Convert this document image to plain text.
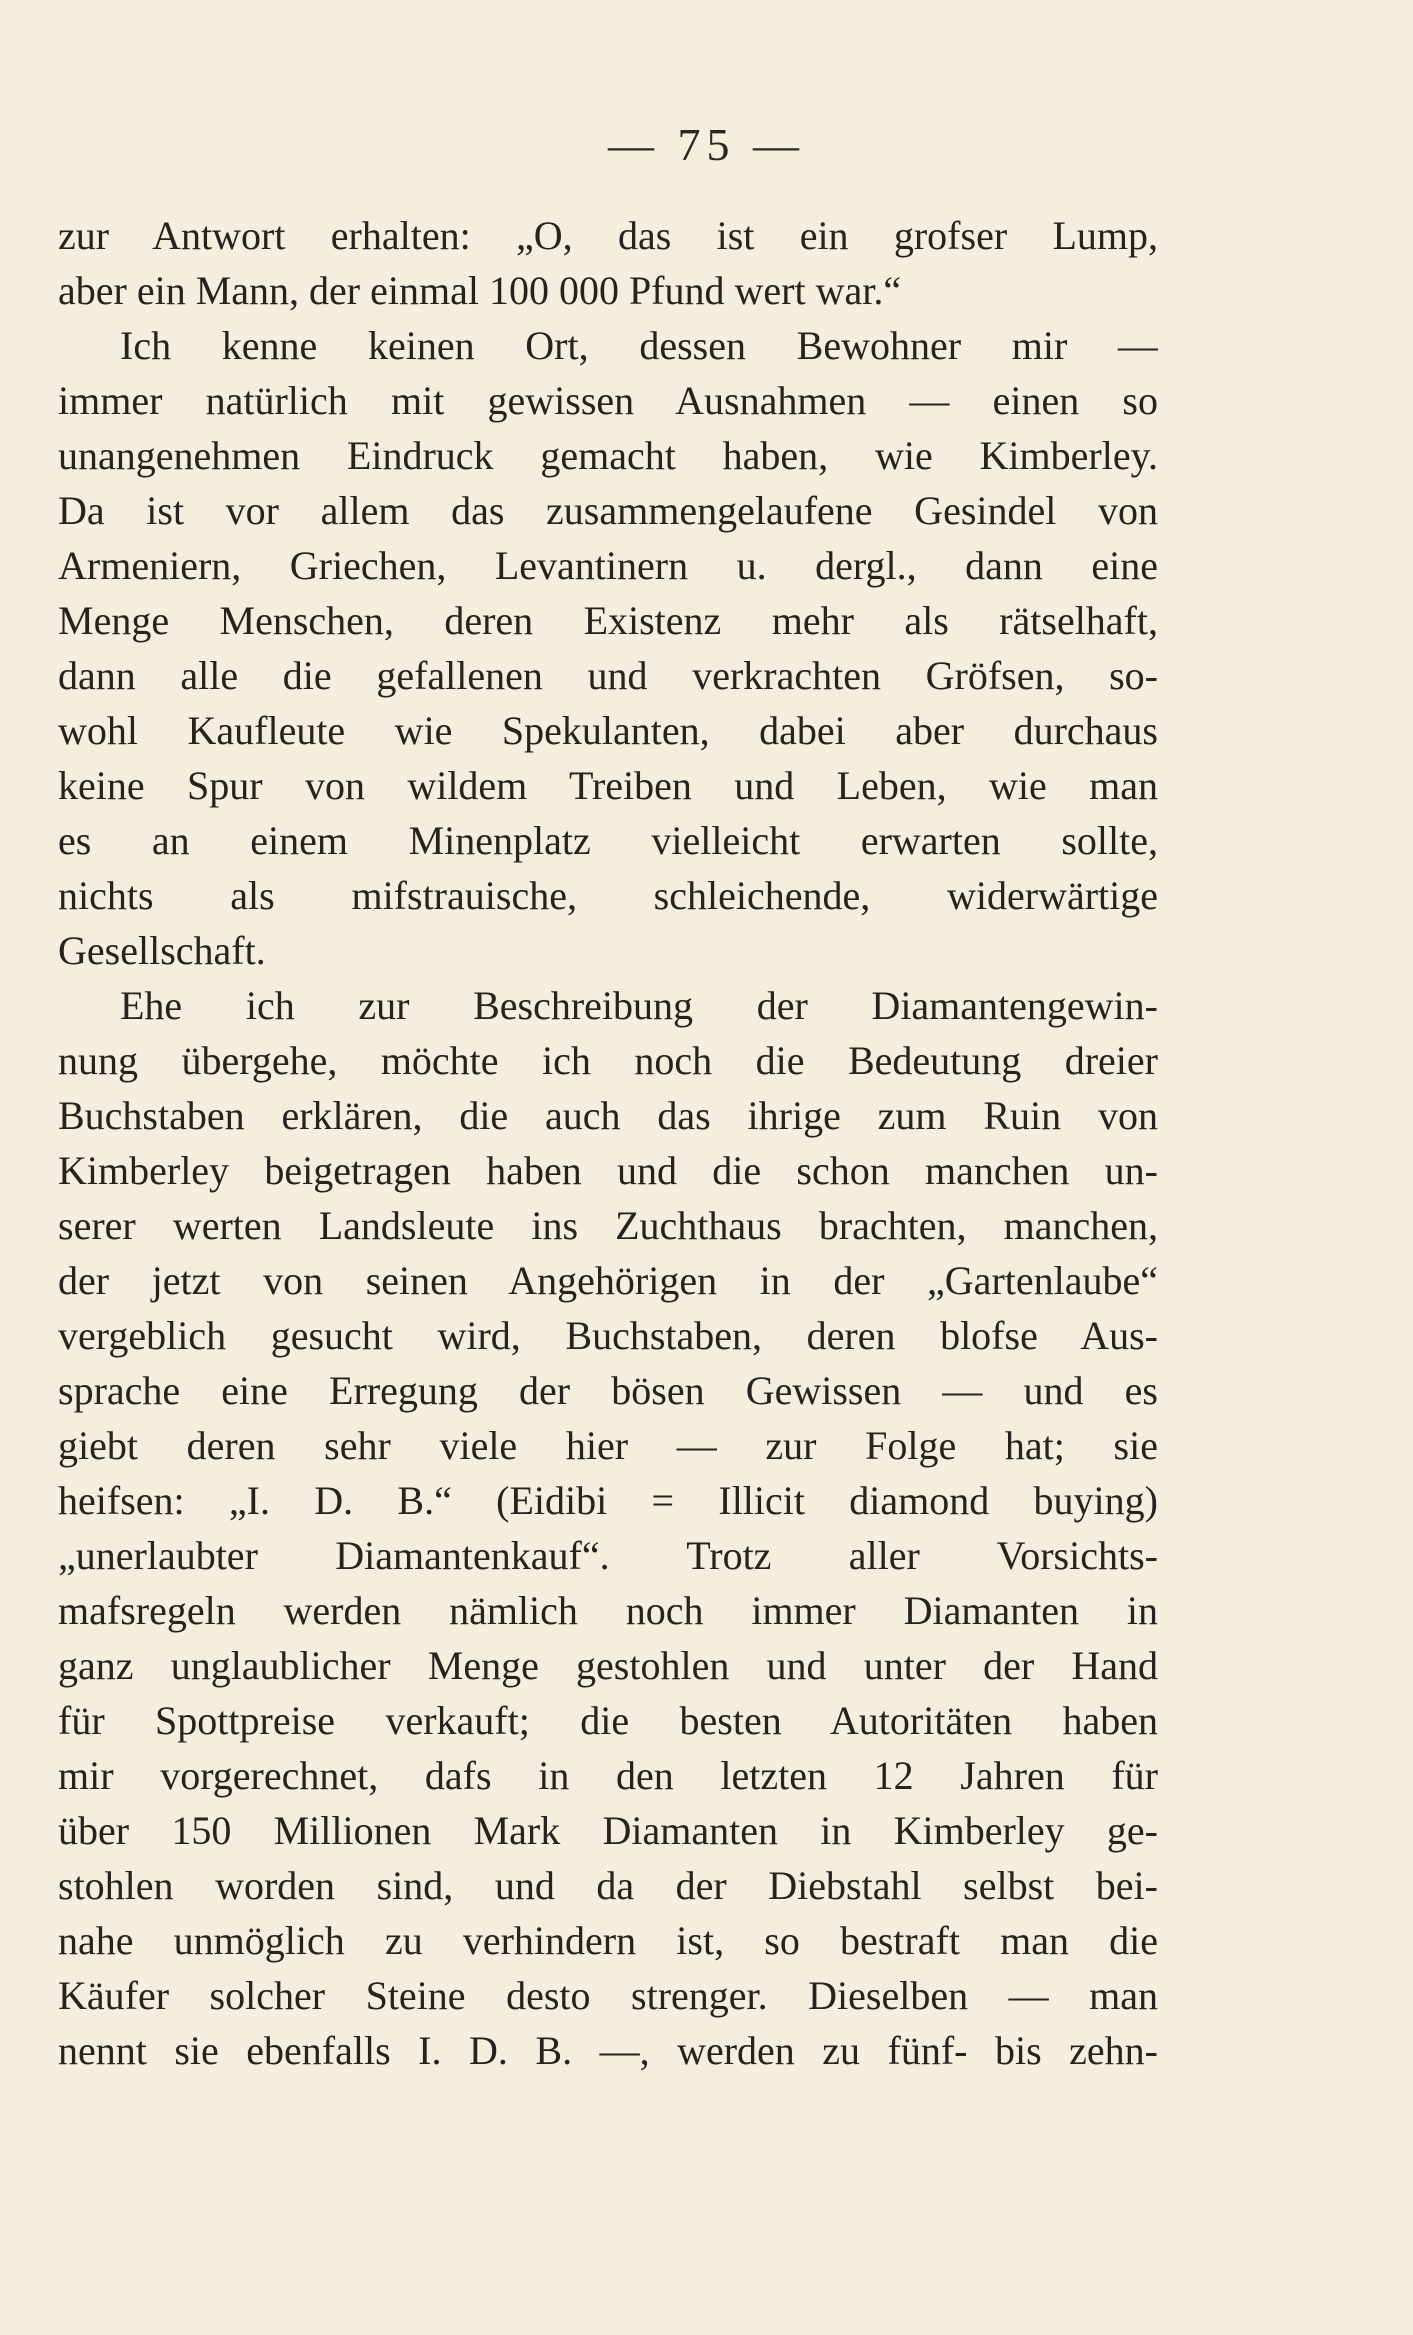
— 75 —
zur Antwort erhalten: „O, das ist ein grofser Lump,
aber ein Mann, der einmal 100 000 Pfund wert war.“
Ich kenne keinen Ort, dessen Bewohner mir —
immer natürlich mit gewissen Ausnahmen — einen so
unangenehmen Eindruck gemacht haben, wie Kimberley.
Da ist vor allem das zusammengelaufene Gesindel von
Armeniern, Griechen, Levantinern u. dergl., dann eine
Menge Menschen, deren Existenz mehr als rätselhaft,
dann alle die gefallenen und verkrachten Gröfsen, so-
wohl Kaufleute wie Spekulanten, dabei aber durchaus
keine Spur von wildem Treiben und Leben, wie man
es an einem Minenplatz vielleicht erwarten sollte,
nichts als mifstrauische, schleichende, widerwärtige
Gesellschaft.
Ehe ich zur Beschreibung der Diamantengewin-
nung übergehe, möchte ich noch die Bedeutung dreier
Buchstaben erklären, die auch das ihrige zum Ruin von
Kimberley beigetragen haben und die schon manchen un-
serer werten Landsleute ins Zuchthaus brachten, manchen,
der jetzt von seinen Angehörigen in der „Gartenlaube“
vergeblich gesucht wird, Buchstaben, deren blofse Aus-
sprache eine Erregung der bösen Gewissen — und es
giebt deren sehr viele hier — zur Folge hat; sie
heifsen: „I. D. B.“ (Eidibi = Illicit diamond buying)
„unerlaubter Diamantenkauf“. Trotz aller Vorsichts-
mafsregeln werden nämlich noch immer Diamanten in
ganz unglaublicher Menge gestohlen und unter der Hand
für Spottpreise verkauft; die besten Autoritäten haben
mir vorgerechnet, dafs in den letzten 12 Jahren für
über 150 Millionen Mark Diamanten in Kimberley ge-
stohlen worden sind, und da der Diebstahl selbst bei-
nahe unmöglich zu verhindern ist, so bestraft man die
Käufer solcher Steine desto strenger. Dieselben — man
nennt sie ebenfalls I. D. B. —, werden zu fünf- bis zehn-
